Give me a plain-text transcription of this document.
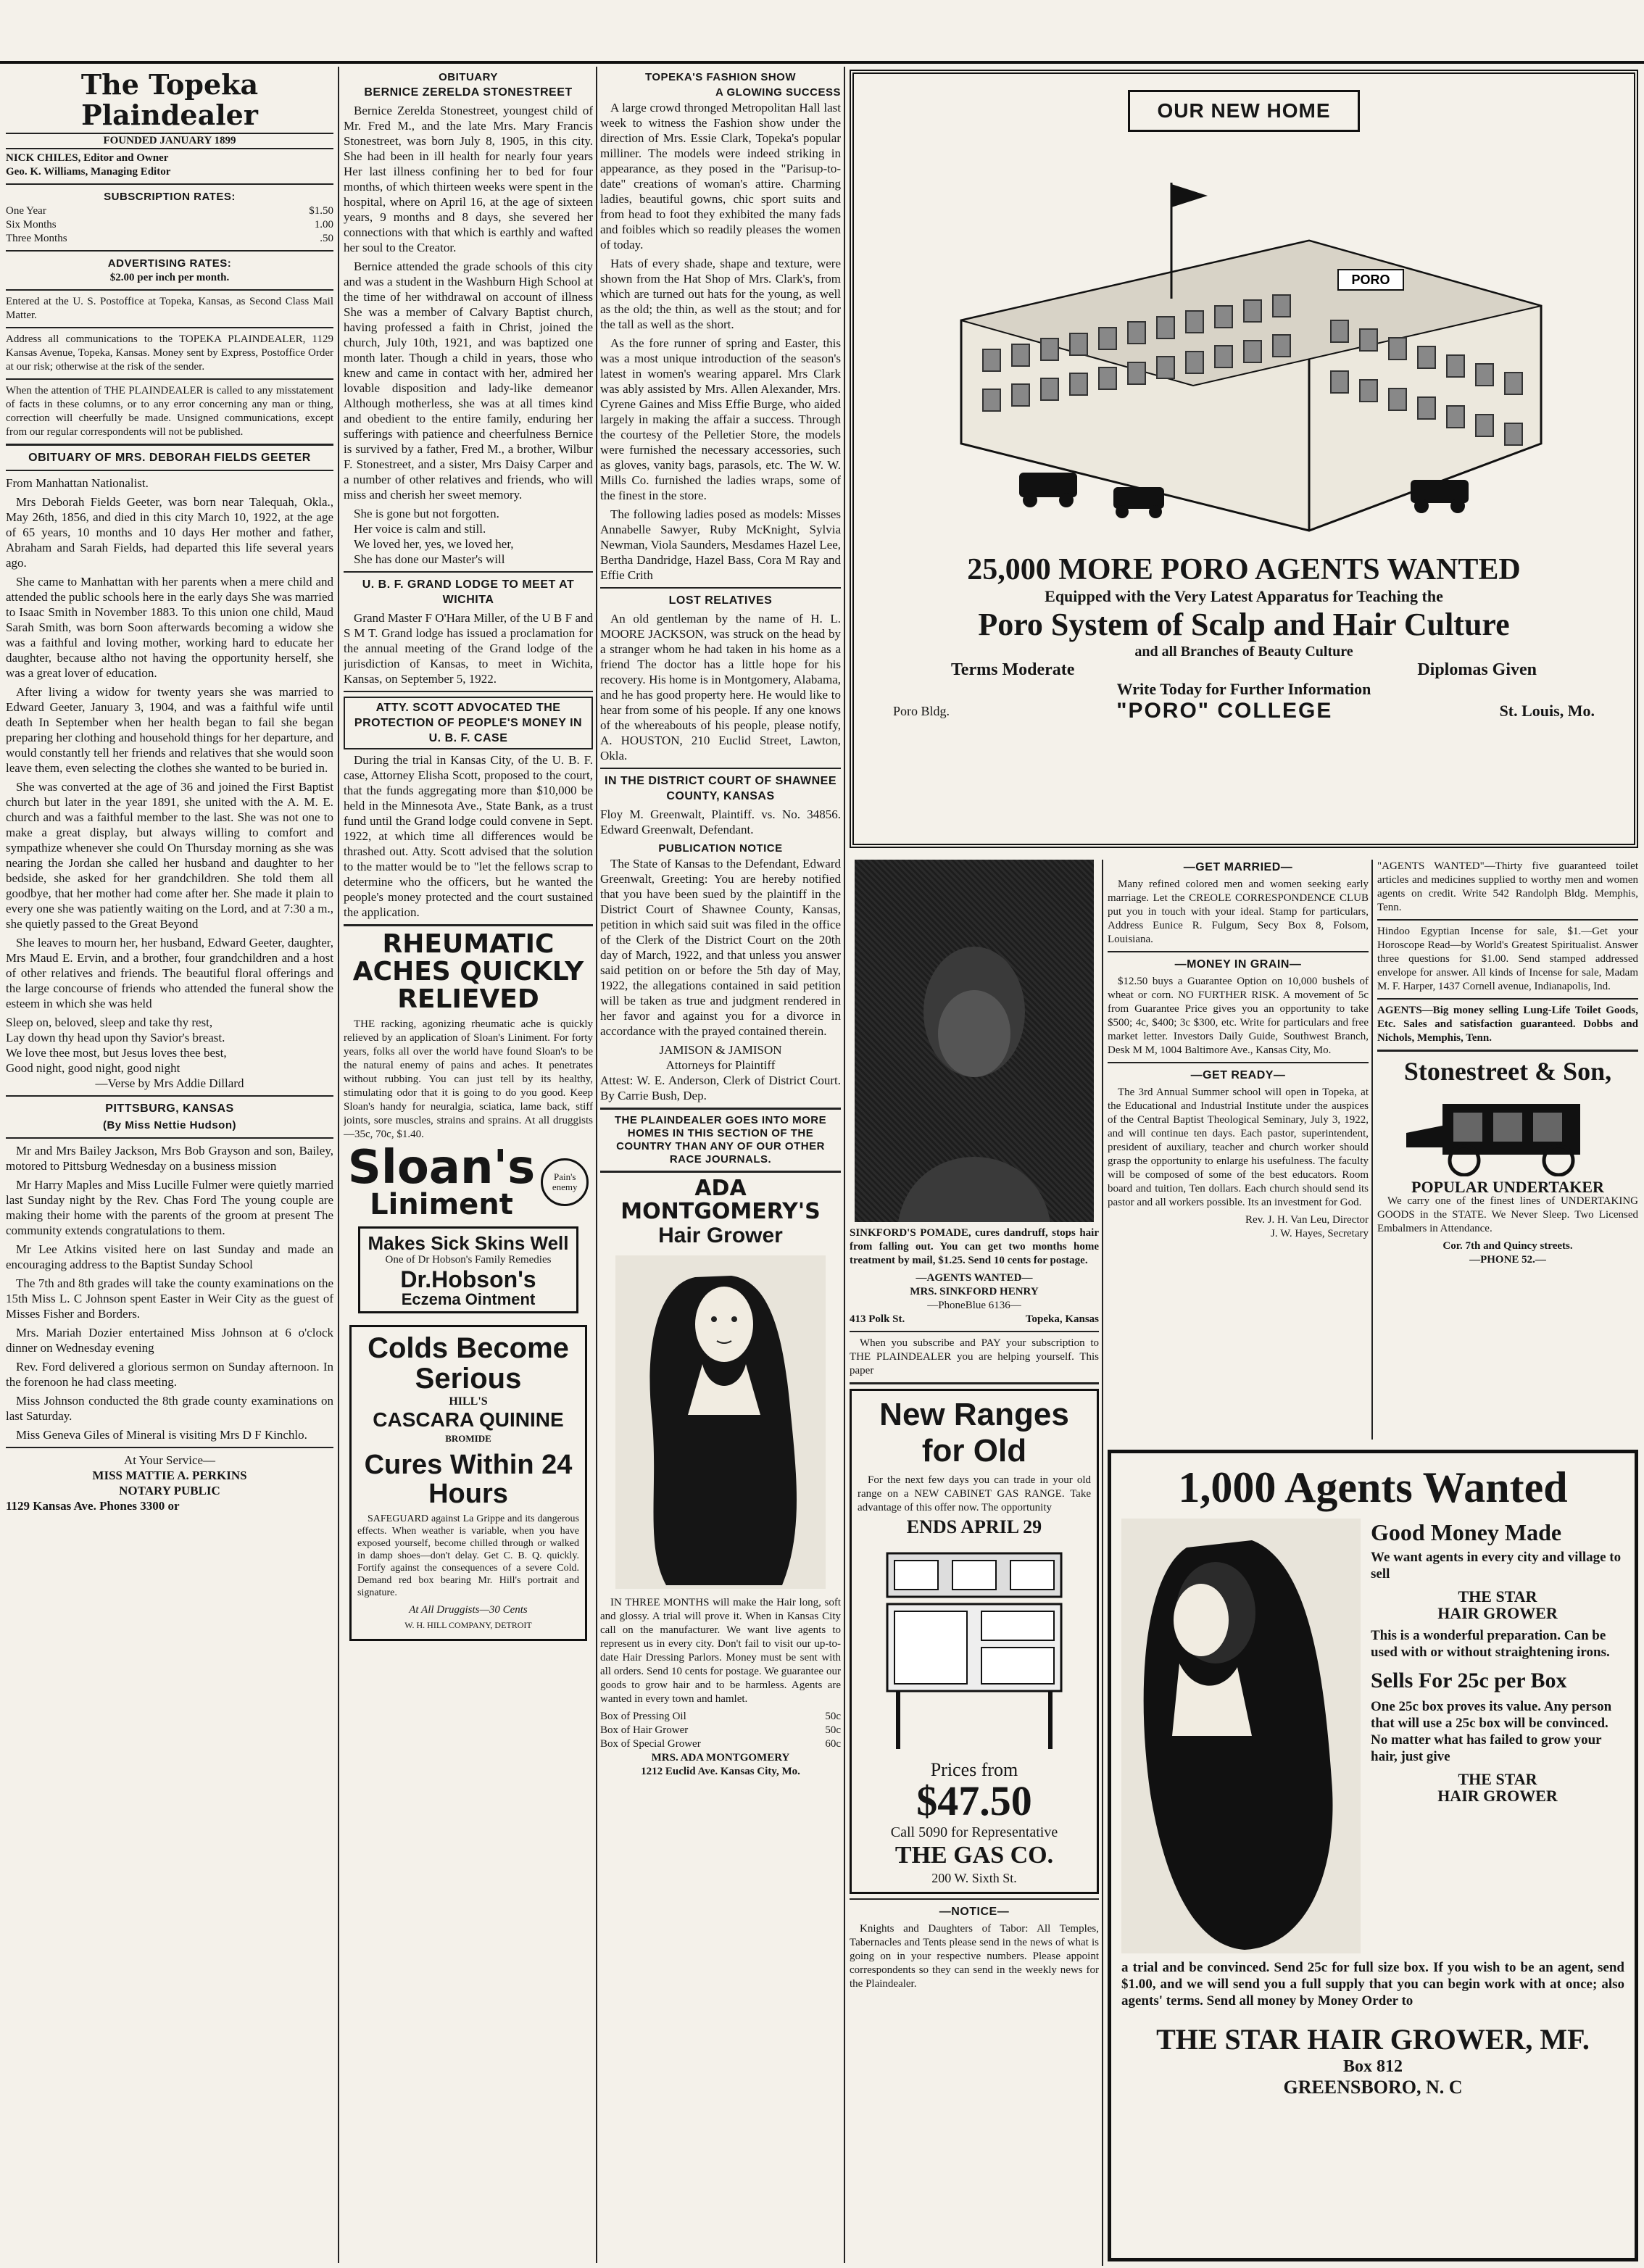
The Topeka Plaindealer
FOUNDED JANUARY 1899
NICK CHILES, Editor and Owner
Geo. K. Williams, Managing Editor
SUBSCRIPTION RATES:
One Year	$1.50
Six Months	1.00
Three Months	.50
ADVERTISING RATES:
$2.00 per inch per month.
Entered at the U. S. Postoffice at Topeka, Kansas, as Second Class Mail Matter.
Address all communications to the TOPEKA PLAINDEALER, 1129 Kansas Avenue, Topeka, Kansas. Money sent by Express, Postoffice Order at our risk; otherwise at the risk of the sender.
When the attention of THE PLAINDEALER is called to any misstatement of facts in these columns, or to any error concerning any man or thing, correction will cheerfully be made. Unsigned communications, except from our regular correspondents will not be published.
OBITUARY OF MRS. DEBORAH FIELDS GEETER

From Manhattan Nationalist.

Mrs Deborah Fields Geeter, was born near Talequah, Okla., May 26th, 1856, and died in this city March 10, 1922, at the age of 65 years, 10 months and 10 days Her mother and father, Abraham and Sarah Fields, had departed this life several years ago.

She came to Manhattan with her parents when a mere child and attended the public schools here in the early days She was married to Isaac Smith in November 1883. To this union one child, Maud Sarah Smith, was born Soon afterwards becoming a widow she was a faithful and loving mother, working hard to educate her daughter, because altho not having the opportunity herself, she was a great lover of education.

After living a widow for twenty years she was married to Edward Geeter, January 3, 1904, and was a faithful wife until death In September when her health began to fail she began preparing her clothing and household things for her departure, and would constantly tell her friends and relatives that she would soon leave them, even selecting the clothes she wanted to be buried in.

She was converted at the age of 36 and joined the First Baptist church but later in the year 1891, she united with the A. M. E. church and was a faithful member to the last. She was not one to make a great display, but always willing to comfort and sympathize whenever she could On Thursday morning as she was nearing the Jordan she called her husband and daughter to her bedside, she asked for her grandchildren. She told them all goodbye, that her mother had come after her. She made it plain to every one she was patiently waiting on the Lord, and at 7:30 a m., she quietly passed to the Great Beyond

She leaves to mourn her, her husband, Edward Geeter, daughter, Mrs Maud E. Ervin, and a brother, four grandchildren and a host of other relatives and friends. The beautiful floral offerings and the large concourse of friends who attended the funeral show the esteem in which she was held

Sleep on, beloved, sleep and take thy rest,
Lay down thy head upon thy Savior's breast.
We love thee most, but Jesus loves thee best,
Good night, good night, good night
—Verse by Mrs Addie Dillard
PITTSBURG, KANSAS
(By Miss Nettie Hudson)

Mr and Mrs Bailey Jackson, Mrs Bob Grayson and son, Bailey, motored to Pittsburg Wednesday on a business mission

Mr Harry Maples and Miss Lucille Fulmer were quietly married last Sunday night by the Rev. Chas Ford The young couple are making their home with the parents of the groom at present The community extends congratulations to them.

Mr Lee Atkins visited here on last Sunday and made an encouraging address to the Baptist Sunday School

The 7th and 8th grades will take the county examinations on the 15th Miss L. C Johnson spent Easter in Weir City as the guest of Misses Fisher and Borders.

Mrs. Mariah Dozier entertained Miss Johnson at 6 o'clock dinner on Wednesday evening

Rev. Ford delivered a glorious sermon on Sunday afternoon. In the forenoon he had class meeting.

Miss Johnson conducted the 8th grade county examinations on last Saturday.

Miss Geneva Giles of Mineral is visiting Mrs D F Kinchlo.

At Your Service—
MISS MATTIE A. PERKINS
NOTARY PUBLIC
1129 Kansas Ave. Phones 3300 or
OBITUARY
BERNICE ZERELDA STONESTREET

Bernice Zerelda Stonestreet, youngest child of Mr. Fred M., and the late Mrs. Mary Francis Stonestreet, was born July 8, 1905, in this city. She had been in ill health for nearly four years Her last illness confining her to bed for four months, of which thirteen weeks were spent in the hospital, where on April 16, at the age of sixteen years, 9 months and 8 days, she severed her connections with that which is earthly and wafted her soul to the Creator.

Bernice attended the grade schools of this city and was a student in the Washburn High School at the time of her withdrawal on account of illness She was a member of Calvary Baptist church, having professed a faith in Christ, joined the church, July 10th, 1921, and was baptized one month later. Though a child in years, those who knew and came in contact with her, admired her lovable disposition and lady-like demeanor Although motherless, she was at all times kind and obedient to the entire family, enduring her sufferings with patience and cheerfulness Bernice is survived by a father, Fred M., a brother, Wilbur F. Stonestreet, and a sister, Mrs Daisy Carper and a number of other relatives and friends, who will miss and cherish her sweet memory.

She is gone but not forgotten.
Her voice is calm and still.
We loved her, yes, we loved her,
She has done our Master's will
U. B. F. GRAND LODGE TO MEET AT WICHITA

Grand Master F O'Hara Miller, of the U B F and S M T. Grand lodge has issued a proclamation for the annual meeting of the Grand lodge of the jurisdiction of Kansas, to meet in Wichita, Kansas, on September 5, 1922.

ATTY. SCOTT ADVOCATED THE PROTECTION OF PEOPLE'S MONEY IN U. B. F. CASE

During the trial in Kansas City, of the U. B. F. case, Attorney Elisha Scott, proposed to the court, that the funds aggregating more than $10,000 be held in the Minnesota Ave., State Bank, as a trust fund until the Grand lodge could convene in Sept. 1922, at which time all differences would be thrashed out. Atty. Scott advised that the solution to the matter would be to "let the fellows scrap to determine who the officers, but he wanted the people's money protected and the court sustained the application.

RHEUMATIC ACHES QUICKLY RELIEVED

THE racking, agonizing rheumatic ache is quickly relieved by an application of Sloan's Liniment. For forty years, folks all over the world have found Sloan's to be the natural enemy of pains and aches. It penetrates without rubbing. You can just tell by its healthy, stimulating odor that it is going to do you good. Keep Sloan's handy for neuralgia, sciatica, lame back, stiff joints, sore muscles, strains and sprains. At all druggists—35c, 70c, $1.40.

Sloan's
Liniment
Pain's enemy
Makes Sick Skins Well
One of Dr Hobson's Family Remedies
Dr.Hobson's
Eczema Ointment
Colds Become Serious
HILL'S
CASCARA QUININE
BROMIDE
Cures Within 24 Hours

SAFEGUARD against La Grippe and its dangerous effects. When weather is variable, when you have exposed yourself, become chilled through or walked in damp shoes—don't delay. Get C. B. Q. quickly. Fortify against the consequences of a severe Cold. Demand red box bearing Mr. Hill's portrait and signature.

At All Druggists—30 Cents
W. H. HILL COMPANY, DETROIT
TOPEKA'S FASHION SHOW
A GLOWING SUCCESS

A large crowd thronged Metropolitan Hall last week to witness the Fashion show under the direction of Mrs. Essie Clark, Topeka's popular milliner. The models were indeed striking in appearance, as they posed in the "Parisup-to-date" creations of woman's attire. Charming ladies, beautiful gowns, chic sport suits and from head to foot they exhibited the many fads and foibles which so readily pleases the women of today.

Hats of every shade, shape and texture, were shown from the Hat Shop of Mrs. Clark's, from which are turned out hats for the young, as well as the old; the thin, as well as the stout; and for the tall as well as the short.

As the fore runner of spring and Easter, this was a most unique introduction of the season's latest in women's wearing apparel. Mrs Clark was ably assisted by Mrs. Allen Alexander, Mrs. Cyrene Gaines and Miss Effie Burge, who aided largely in making the affair a success. Through the courtesy of the Pelletier Store, the models were furnished the necessary accessories, such as gloves, vanity bags, parasols, etc. The W. W. Mills Co. furnished the ladies wraps, some of the finest in the store.

The following ladies posed as models: Misses Annabelle Sawyer, Ruby McKnight, Sylvia Newman, Viola Saunders, Mesdames Hazel Lee, Bertha Dandridge, Hazel Bass, Cora M Ray and Effie Crith

LOST RELATIVES

An old gentleman by the name of H. L. MOORE JACKSON, was struck on the head by a stranger whom he had taken in his home as a friend The doctor has a little hope for his recovery. His home is in Montgomery, Alabama, and he has good property here. He would like to hear from some of his people. If any one knows of the whereabouts of his people, please notify, A. HOUSTON, 210 Euclid Street, Lawton, Okla.

IN THE DISTRICT COURT OF SHAWNEE COUNTY, KANSAS

Floy M. Greenwalt, Plaintiff. vs. No. 34856. Edward Greenwalt, Defendant.

PUBLICATION NOTICE

The State of Kansas to the Defendant, Edward Greenwalt, Greeting: You are hereby notified that you have been sued by the plaintiff in the District Court of Shawnee County, Kansas, petition in which said suit was filed in the office of the Clerk of the District Court on the 20th day of March, 1922, and that unless you answer said petition on or before the 5th day of May, 1922, the allegations contained in said petition will be taken as true and judgment rendered in her favor and against you for a divorce in accordance with the prayed contained therein.

JAMISON & JAMISON
Attorneys for Plaintiff

Attest: W. E. Anderson, Clerk of District Court. By Carrie Bush, Dep.

THE PLAINDEALER GOES INTO MORE HOMES IN THIS SECTION OF THE COUNTRY THAN ANY OF OUR OTHER RACE JOURNALS.
ADA MONTGOMERY'S
Hair Grower

IN THREE MONTHS will make the Hair long, soft and glossy. A trial will prove it. When in Kansas City call on the manufacturer. We want live agents to represent us in every city. Don't fail to visit our up-to-date Hair Dressing Parlors. Money must be sent with all orders. Send 10 cents for postage. We guarantee our goods to grow hair and to be harmless. Agents are wanted in every town and hamlet.

Box of Pressing Oil	50c
Box of Hair Grower	50c
Box of Special Grower	60c
MRS. ADA MONTGOMERY
1212 Euclid Ave. Kansas City, Mo.
OUR NEW HOME
PORO
25,000 MORE PORO AGENTS WANTED
Equipped with the Very Latest Apparatus for Teaching the
Poro System of Scalp and Hair Culture
and all Branches of Beauty Culture
Terms Moderate	Diplomas Given
Write Today for Further Information
Poro Bldg.	"PORO" COLLEGE	St. Louis, Mo.

SINKFORD'S POMADE, cures dandruff, stops hair from falling out. You can get two months home treatment by mail, $1.25. Send 10 cents for postage.

—AGENTS WANTED—
MRS. SINKFORD HENRY
—PhoneBlue 6136—
413 Polk St.	Topeka, Kansas

When you subscribe and PAY your subscription to THE PLAINDEALER you are helping yourself. This paper

New Ranges for Old

For the next few days you can trade in your old range on a NEW CABINET GAS RANGE. Take advantage of this offer now. The opportunity

ENDS APRIL 29
Prices from
$47.50
Call 5090 for Representative
THE GAS CO.
200 W. Sixth St.
—NOTICE—

Knights and Daughters of Tabor: All Temples, Tabernacles and Tents please send in the news of what is going on in your respective numbers. Please appoint correspondents so they can send in the weekly news for the Plaindealer.

—GET MARRIED—

Many refined colored men and women seeking early marriage. Let the CREOLE CORRESPONDENCE CLUB put you in touch with your ideal. Stamp for particulars, Address Eunice R. Fulgum, Secy Box 8, Folsom, Louisiana.

—MONEY IN GRAIN—

$12.50 buys a Guarantee Option on 10,000 bushels of wheat or corn. NO FURTHER RISK. A movement of 5c from Guarantee Price gives you an opportunity to take $500; 4c, $400; 3c $300, etc. Write for particulars and free market letter. Investors Daily Guide, Southwest Branch, Desk M M, 1004 Baltimore Ave., Kansas City, Mo.

—GET READY—

The 3rd Annual Summer school will open in Topeka, at the Educational and Industrial Institute under the auspices of the Central Baptist Theological Seminary, July 3, 1922, and will continue ten days. Each pastor, superintendent, president of auxiliary, teacher and church worker should grasp the opportunity to enlarge his usefulness. The faculty will be composed of some of the best educators. Room board and tuition, Ten dollars. Each church should send its pastor and all workers possible. Its an investment for God.

Rev. J. H. Van Leu, Director
J. W. Hayes, Secretary

"AGENTS WANTED"—Thirty five guaranteed toilet articles and medicines supplied to worthy men and women agents on credit. Write 542 Randolph Bldg. Memphis, Tenn.

Hindoo Egyptian Incense for sale, $1.—Get your Horoscope Read—by World's Greatest Spiritualist. Answer three questions for $1.00. Send stamped addressed envelope for answer. All kinds of Incense for sale, Madam M. F. Harper, 1437 Cornell avenue, Indianapolis, Ind.

AGENTS—Big money selling Lung-Life Toilet Goods, Etc. Sales and satisfaction guaranteed. Dobbs and Nichols, Memphis, Tenn.

Stonestreet & Son,
POPULAR UNDERTAKER

We carry one of the finest lines of UNDERTAKING GOODS in the STATE. We Never Sleep. Two Licensed Embalmers in Attendance.

Cor. 7th and Quincy streets.
—PHONE 52.—
1,000 Agents Wanted
Good Money Made
We want agents in every city and village to sell
THE STAR
HAIR GROWER
This is a wonderful preparation. Can be used with or without straightening irons.
Sells For 25c per Box
One 25c box proves its value. Any person that will use a 25c box will be convinced. No matter what has failed to grow your hair, just give
THE STAR
HAIR GROWER
a trial and be convinced. Send 25c for full size box. If you wish to be an agent, send $1.00, and we will send you a full supply that you can begin work with at once; also agents' terms. Send all money by Money Order to
THE STAR HAIR GROWER, MF.
Box 812
GREENSBORO, N. C
